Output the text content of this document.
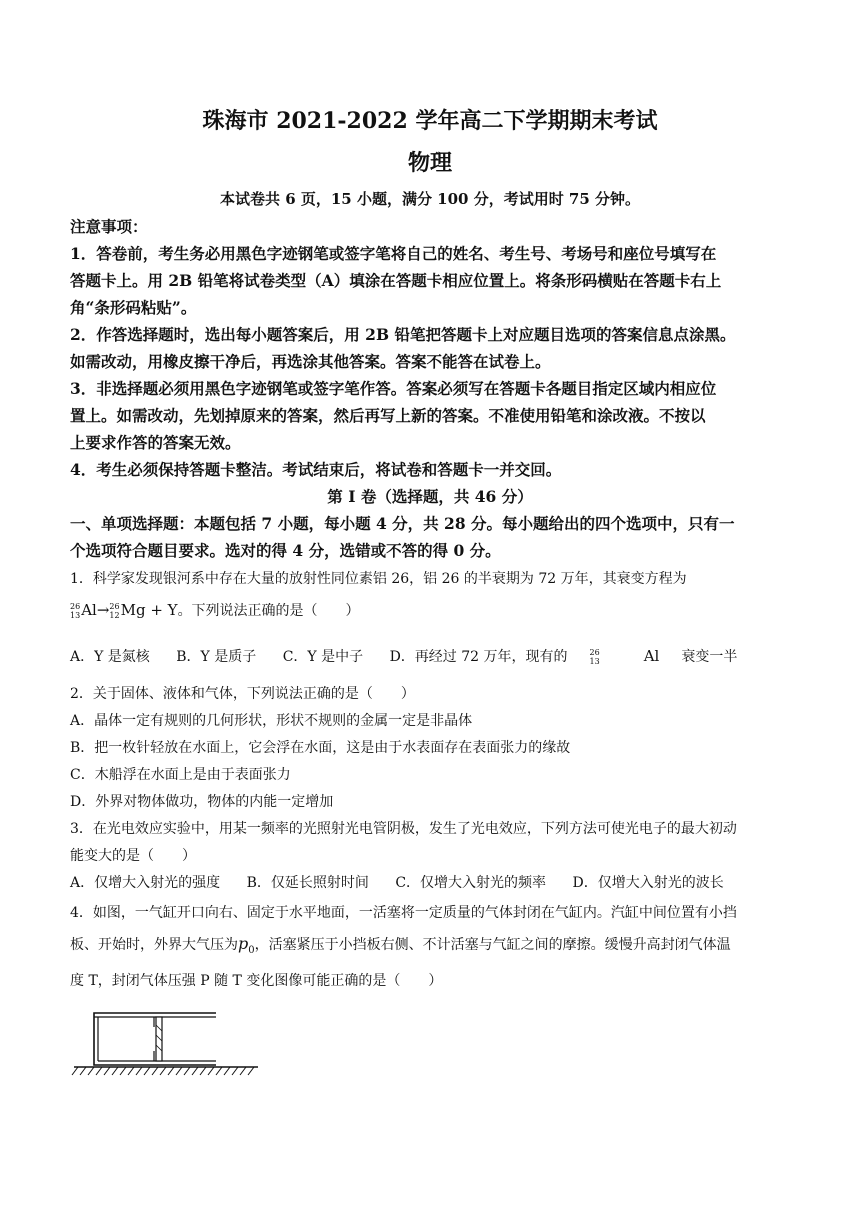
珠海市 2021-2022 学年高二下学期期末考试
物理
本试卷共 6 页，15 小题，满分 100 分，考试用时 75 分钟。
注意事项：
1．答卷前，考生务必用黑色字迹钢笔或签字笔将自己的姓名、考生号、考场号和座位号填写在
答题卡上。用 2B 铅笔将试卷类型（A）填涂在答题卡相应位置上。将条形码横贴在答题卡右上
角“条形码粘贴”。
2．作答选择题时，选出每小题答案后，用 2B 铅笔把答题卡上对应题目选项的答案信息点涂黑。
如需改动，用橡皮擦干净后，再选涂其他答案。答案不能答在试卷上。
3．非选择题必须用黑色字迹钢笔或签字笔作答。答案必须写在答题卡各题目指定区域内相应位
置上。如需改动，先划掉原来的答案，然后再写上新的答案。不准使用铅笔和涂改液。不按以
上要求作答的答案无效。
4．考生必须保持答题卡整洁。考试结束后，将试卷和答题卡一并交回。
第 I 卷（选择题，共 46 分）
一、单项选择题：本题包括 7 小题，每小题 4 分，共 28 分。每小题给出的四个选项中，只有一
个选项符合题目要求。选对的得 4 分，选错或不答的得 0 分。
1．科学家发现银河系中存在大量的放射性同位素铝 26，铝 26 的半衰期为 72 万年，其衰变方程为
26
13 Al→ 26
12 Mg + Y。下列说法正确的是（　　）
A．Y 是氮核 B．Y 是质子 C．Y 是中子 D．再经过 72 万年，现有的	26
13	Al 衰变一半
2．关于固体、液体和气体，下列说法正确的是（　　）
A．晶体一定有规则的几何形状，形状不规则的金属一定是非晶体
B．把一枚针轻放在水面上，它会浮在水面，这是由于水表面存在表面张力的缘故
C．木船浮在水面上是由于表面张力
D．外界对物体做功，物体的内能一定增加
3．在光电效应实验中，用某一频率的光照射光电管阴极，发生了光电效应，下列方法可使光电子的最大初动
能变大的是（　　）
A．仅增大入射光的强度 B．仅延长照射时间 C．仅增大入射光的频率 D．仅增大入射光的波长
4．如图，一气缸开口向右、固定于水平地面，一活塞将一定质量的气体封闭在气缸内。汽缸中间位置有小挡
板、开始时，外界大气压为$p_0$，活塞紧压于小挡板右侧、不计活塞与气缸之间的摩擦。缓慢升高封闭气体温
度 T，封闭气体压强 P 随 T 变化图像可能正确的是（　　）
